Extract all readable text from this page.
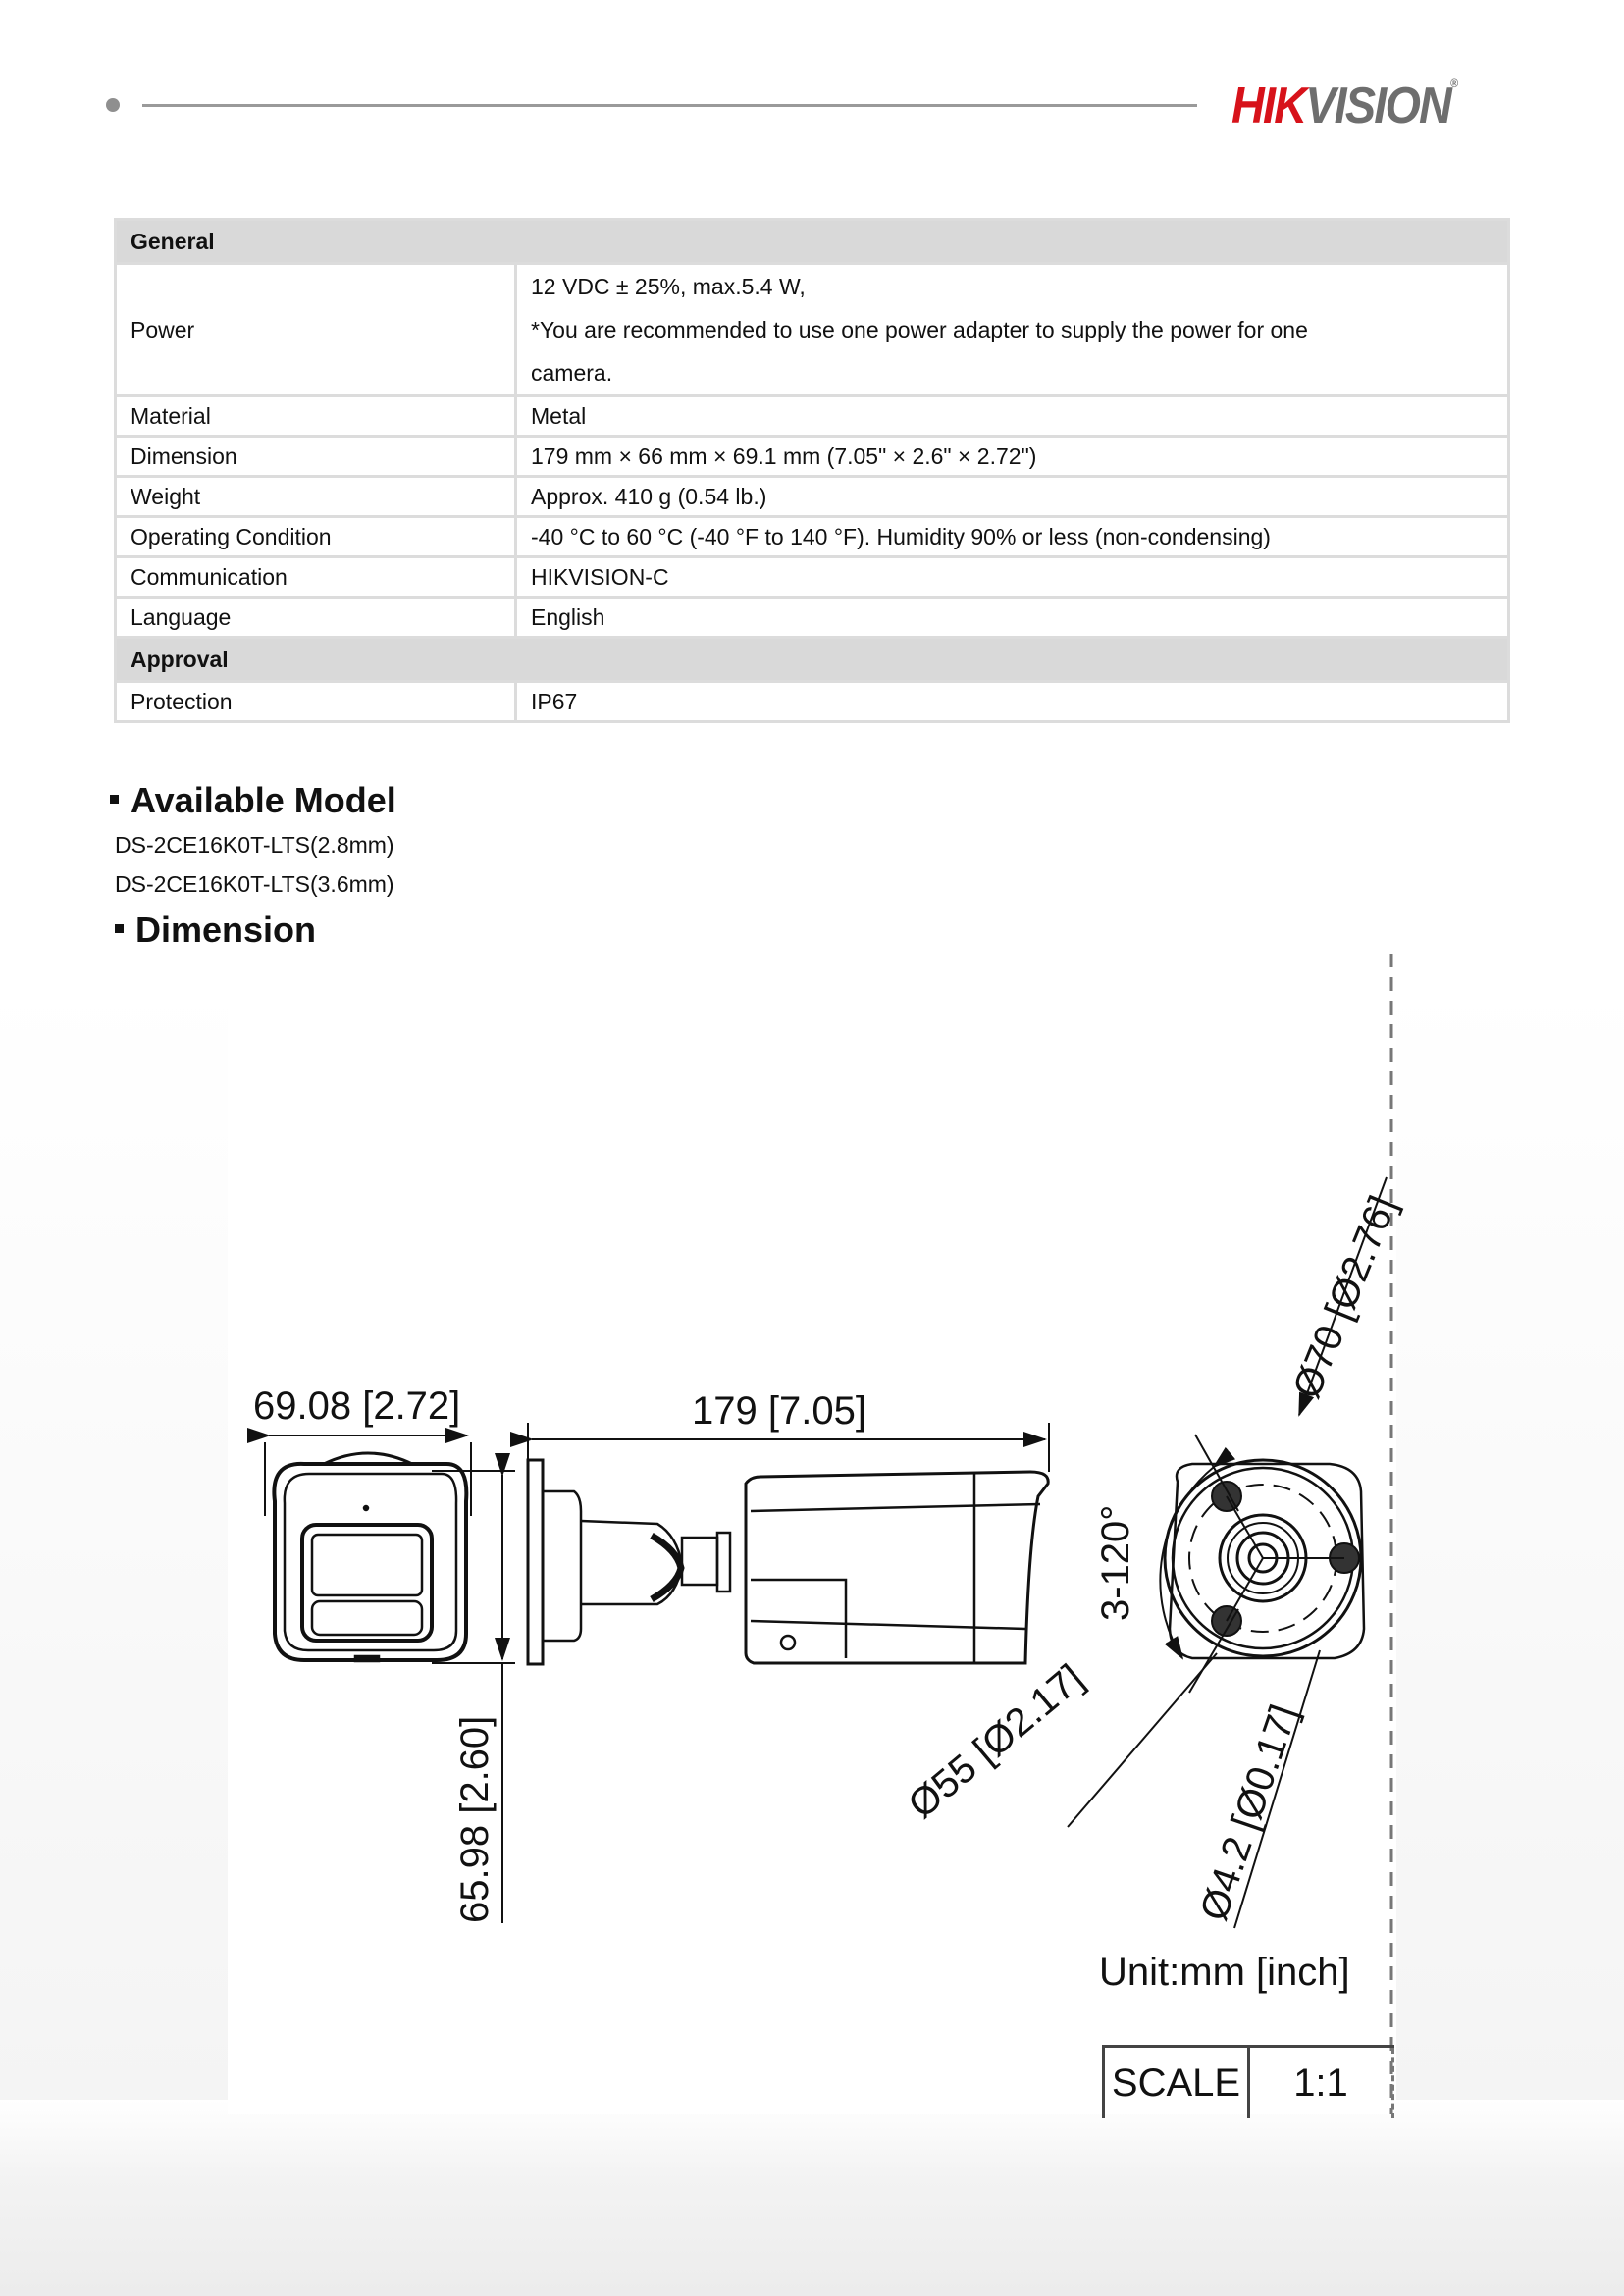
HIKVISION®
General	
Power	12 VDC ± 25%, max.5.4 W,
*You are recommended to use one power adapter to supply the power for one
camera.

Material	Metal
Dimension	179 mm × 66 mm × 69.1 mm (7.05" × 2.6" × 2.72")
Weight	Approx. 410 g (0.54 lb.)
Operating Condition	-40 °C to 60 °C (-40 °F to 140 °F). Humidity 90% or less (non-condensing)
Communication	HIKVISION-C
Language	English
Approval	
Protection	IP67
Available Model
DS-2CE16K0T-LTS(2.8mm)
DS-2CE16K0T-LTS(3.6mm)
Dimension
69.08 [2.72]	179 [7.05]
65.98 [2.60]
Ø70 [Ø2.76]
3-120°
Ø55 [Ø2.17]	Ø4.2 [Ø0.17]
Unit:mm [inch]
SCALE	1:1
